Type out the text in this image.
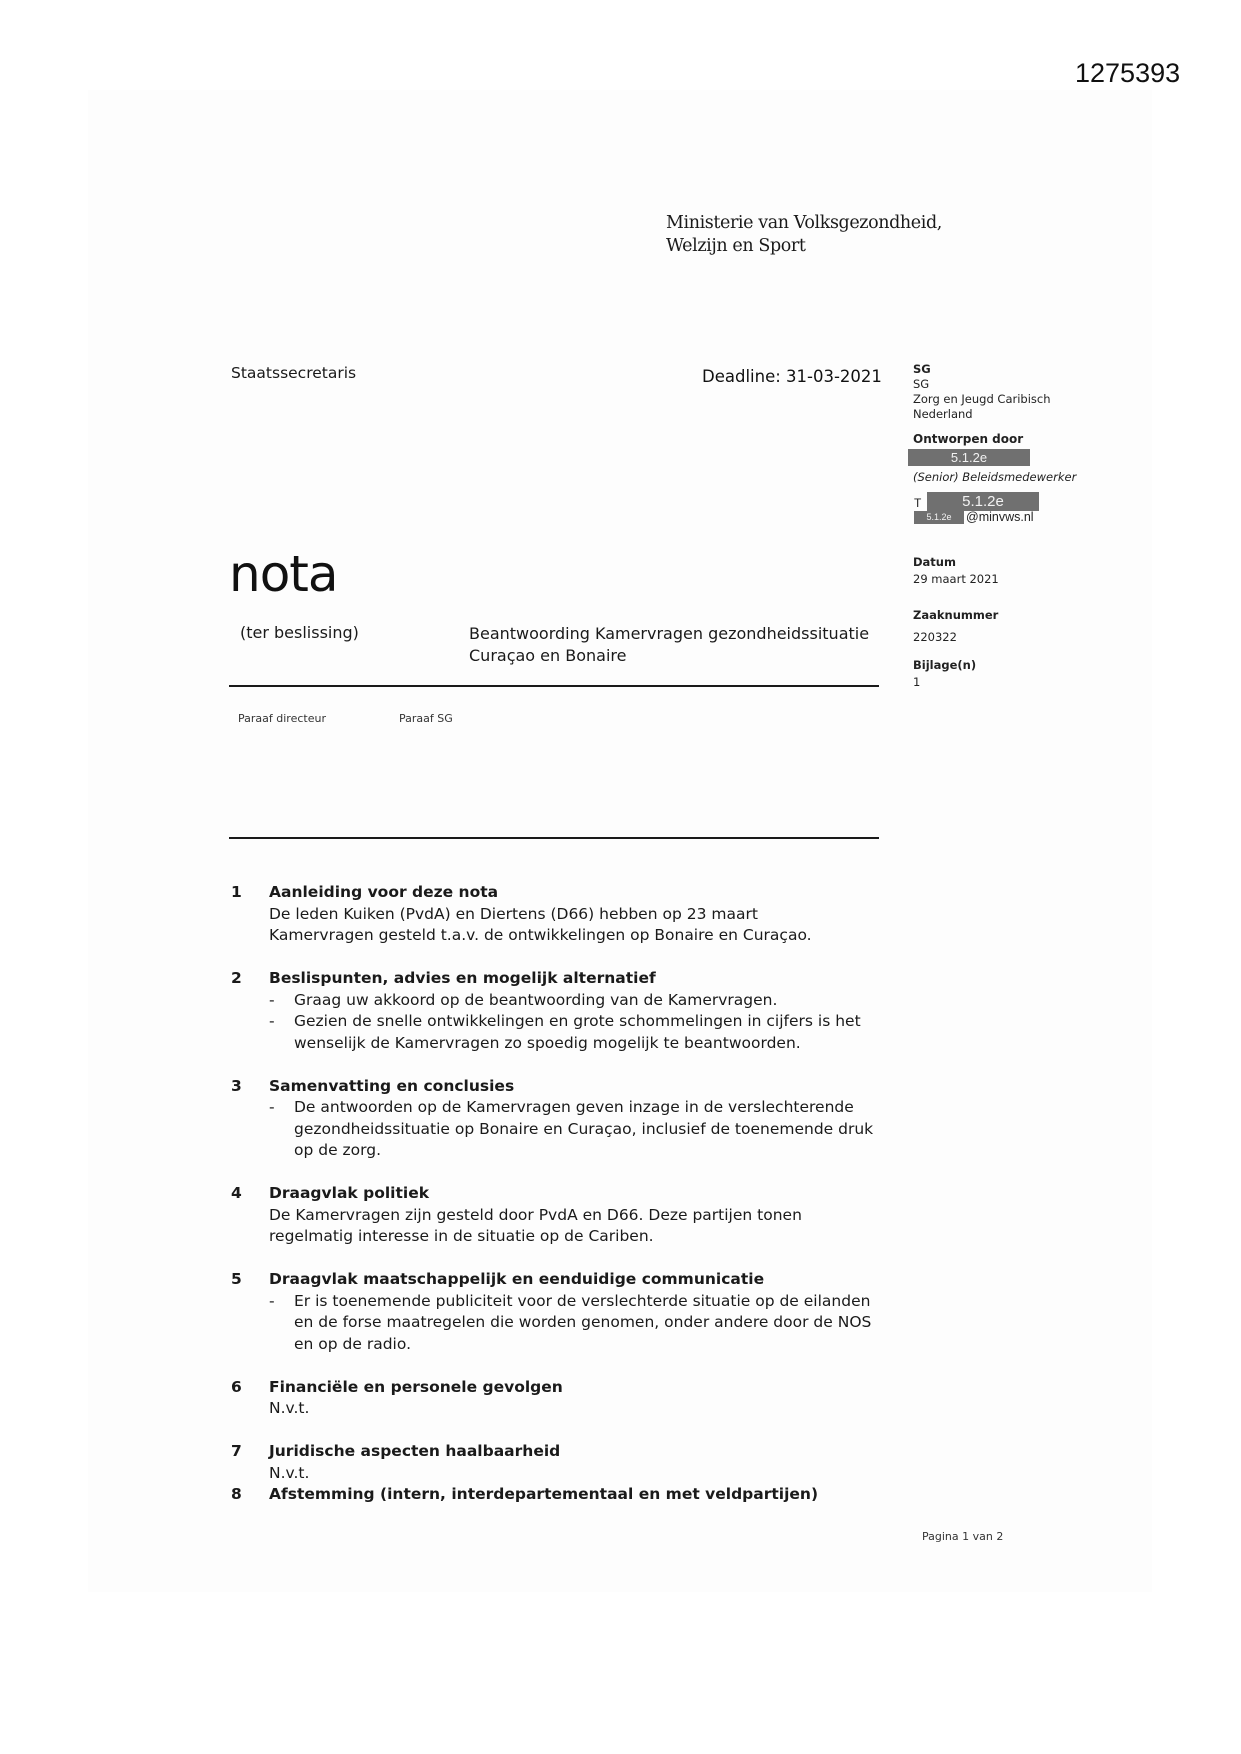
1275393
Ministerie van Volksgezondheid,
Welzijn en Sport
Staatssecretaris	Deadline: 31-03-2021	SG
SG
Zorg en Jeugd Caribisch
Nederland
Ontworpen door
5.1.2e
(Senior) Beleidsmedewerker
T	5.1.2e
5.1.2e	@minvws.nl
Datum
29 maart 2021
Zaaknummer
220322
Bijlage(n)
1
nota
(ter beslissing)	Beantwoording Kamervragen gezondheidssituatie
Curaçao en Bonaire
Paraaf directeur	Paraaf SG
1 Aanleiding voor deze nota
De leden Kuiken (PvdA) en Diertens (D66) hebben op 23 maart Kamervragen gesteld t.a.v. de ontwikkelingen op Bonaire en Curaçao.
2 Beslispunten, advies en mogelijk alternatief
- Graag uw akkoord op de beantwoording van de Kamervragen.
- Gezien de snelle ontwikkelingen en grote schommelingen in cijfers is het wenselijk de Kamervragen zo spoedig mogelijk te beantwoorden.
3 Samenvatting en conclusies
- De antwoorden op de Kamervragen geven inzage in de verslechterende gezondheidssituatie op Bonaire en Curaçao, inclusief de toenemende druk op de zorg.
4 Draagvlak politiek
De Kamervragen zijn gesteld door PvdA en D66. Deze partijen tonen regelmatig interesse in de situatie op de Cariben.
5 Draagvlak maatschappelijk en eenduidige communicatie
- Er is toenemende publiciteit voor de verslechterde situatie op de eilanden en de forse maatregelen die worden genomen, onder andere door de NOS en op de radio.
6 Financiële en personele gevolgen
N.v.t.
7 Juridische aspecten haalbaarheid
N.v.t.
8 Afstemming (intern, interdepartementaal en met veldpartijen)
Pagina 1 van 2
